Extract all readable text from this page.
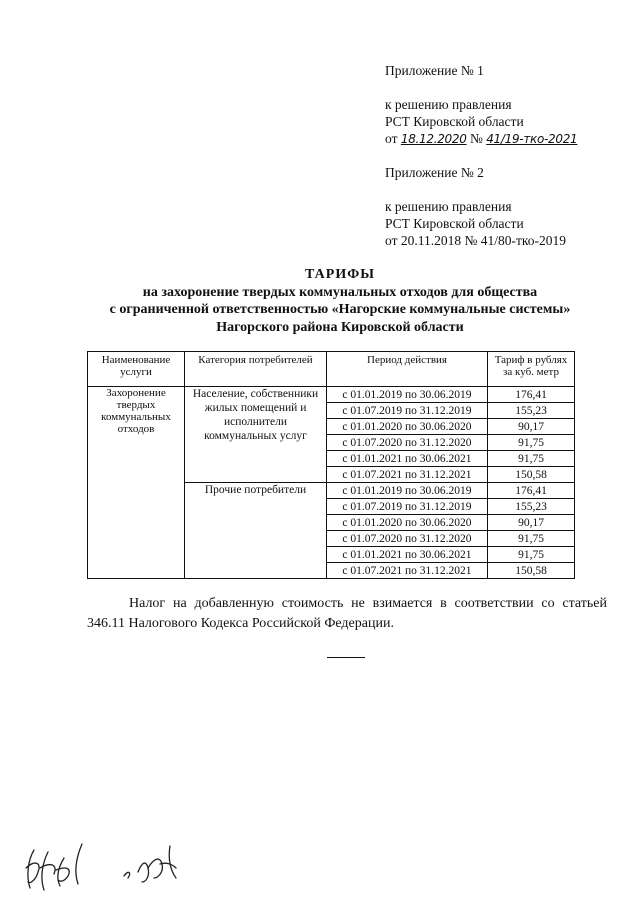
Приложение № 1
к решению правления
РСТ Кировской области
от 18.12.2020 № 41/19-тко-2021
Приложение № 2
к решению правления
РСТ Кировской области
от 20.11.2018 № 41/80-тко-2019
ТАРИФЫ
на захоронение твердых коммунальных отходов для общества
с ограниченной ответственностью «Нагорские коммунальные системы»
Нагорского района Кировской области
Наименование услуги	Категория потребителей	Период действия	Тариф в рублях за куб. метр
Захоронение твердых коммунальных отходов	Население, собственники жилых помещений и исполнители коммунальных услуг	с 01.01.2019 по 30.06.2019	176,41
		с 01.07.2019 по 31.12.2019	155,23
		с 01.01.2020 по 30.06.2020	90,17
		с 01.07.2020 по 31.12.2020	91,75
		с 01.01.2021 по 30.06.2021	91,75
		с 01.07.2021 по 31.12.2021	150,58
	Прочие потребители	с 01.01.2019 по 30.06.2019	176,41
		с 01.07.2019 по 31.12.2019	155,23
		с 01.01.2020 по 30.06.2020	90,17
		с 01.07.2020 по 31.12.2020	91,75
		с 01.01.2021 по 30.06.2021	91,75
		с 01.07.2021 по 31.12.2021	150,58
Налог на добавленную стоимость не взимается в соответствии со статьей 346.11 Налогового Кодекса Российской Федерации.
